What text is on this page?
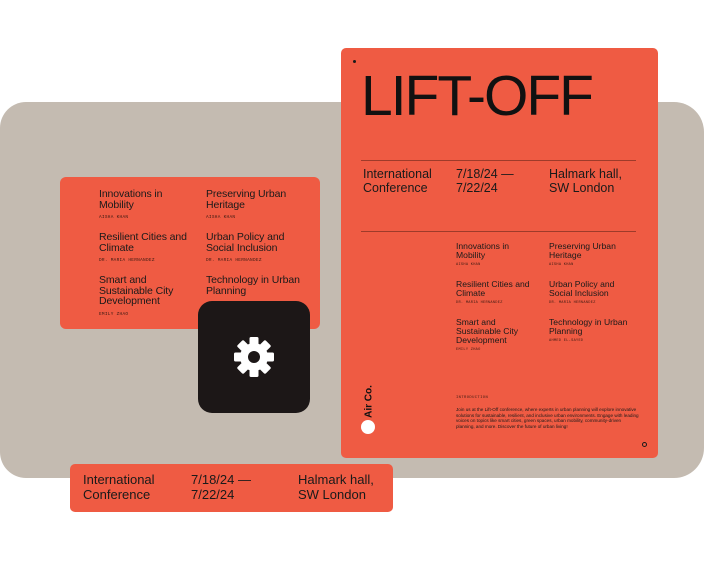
Innovations in Mobility
AISHA KHAN
Preserving Urban Heritage
AISHA KHAN
Resilient Cities and Climate
DR. MARIA HERNANDEZ
Urban Policy and Social Inclusion
DR. MARIA HERNANDEZ
Smart and Sustainable City Development
EMILY ZHAO
Technology in Urban Planning
LIFT-OFF
International Conference
7/18/24 — 7/22/24
Halmark hall, SW London
Innovations in Mobility
AISHA KHAN
Preserving Urban Heritage
AISHA KHAN
Resilient Cities and Climate
DR. MARIA HERNANDEZ
Urban Policy and Social Inclusion
DR. MARIA HERNANDEZ
Smart and Sustainable City Development
EMILY ZHAO
Technology in Urban Planning
AHMED EL-SAYED
Air Co.	INTRODUCTION
Join us at the Lift-Off conference, where experts in urban planning will explore innovative solutions for sustainable, resilient, and inclusive urban environments. Engage with leading voices on topics like smart cities, green spaces, urban mobility, community-driven planning, and more. Discover the future of urban living!
International Conference
7/18/24 — 7/22/24
Halmark hall, SW London
